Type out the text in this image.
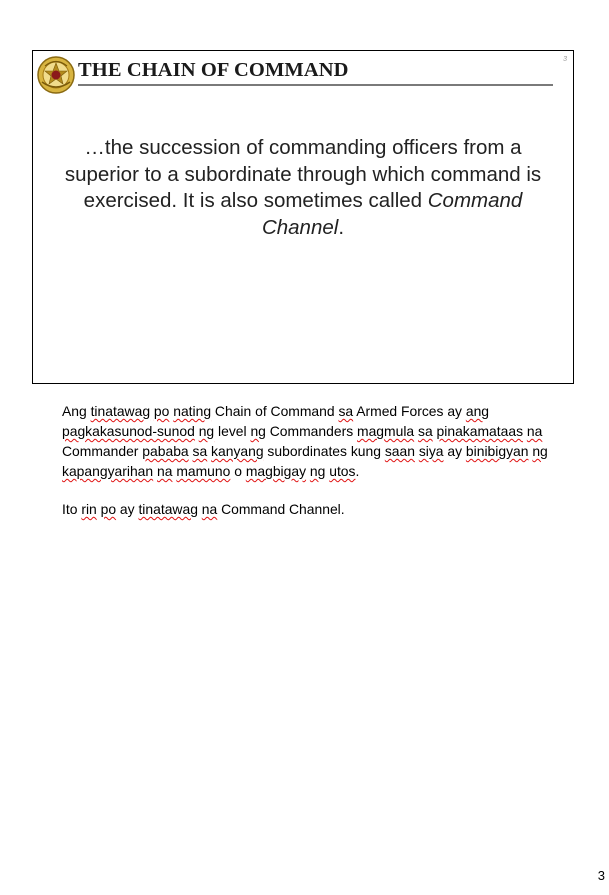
THE CHAIN OF COMMAND	3

…the succession of commanding officers from a superior to a subordinate through which command is exercised. It is also sometimes called Command Channel.

Ang tinatawag po nating Chain of Command sa Armed Forces ay ang pagkakasunod-sunod ng level ng Commanders magmula sa pinakamataas na Commander pababa sa kanyang subordinates kung saan siya ay binibigyan ng kapangyarihan na mamuno o magbigay ng utos.

Ito rin po ay tinatawag na Command Channel.

3
